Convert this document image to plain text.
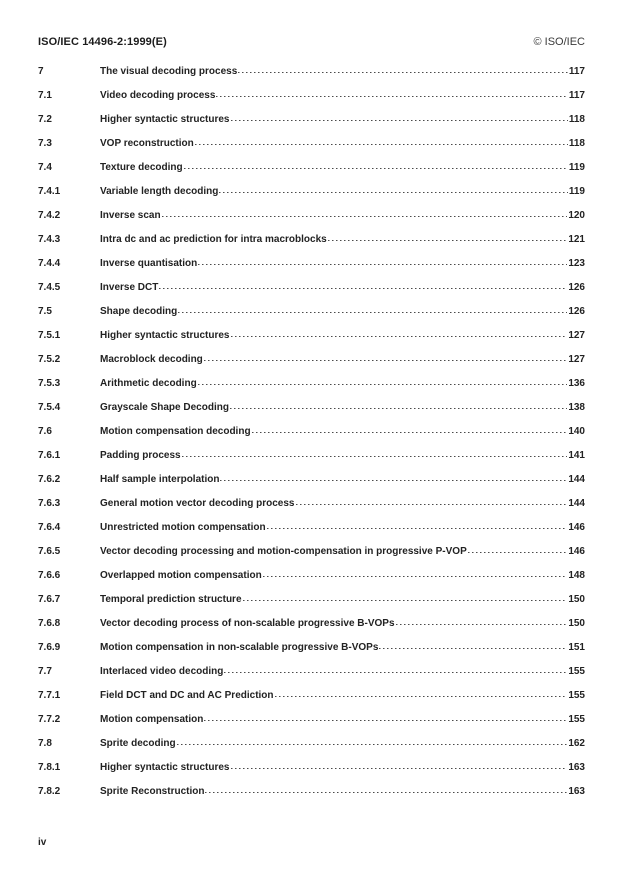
ISO/IEC 14496-2:1999(E)	© ISO/IEC
7	The visual decoding process	117
7.1	Video decoding process	117
7.2	Higher syntactic structures	118
7.3	VOP reconstruction	118
7.4	Texture decoding	119
7.4.1	Variable length decoding	119
7.4.2	Inverse scan	120
7.4.3	Intra dc and ac prediction for intra macroblocks	121
7.4.4	Inverse quantisation	123
7.4.5	Inverse DCT	126
7.5	Shape decoding	126
7.5.1	Higher syntactic structures	127
7.5.2	Macroblock decoding	127
7.5.3	Arithmetic decoding	136
7.5.4	Grayscale Shape Decoding	138
7.6	Motion compensation decoding	140
7.6.1	Padding process	141
7.6.2	Half sample interpolation	144
7.6.3	General motion vector decoding process	144
7.6.4	Unrestricted motion compensation	146
7.6.5	Vector decoding processing and motion-compensation in progressive P-VOP	146
7.6.6	Overlapped motion compensation	148
7.6.7	Temporal prediction structure	150
7.6.8	Vector decoding process of non-scalable progressive B-VOPs	150
7.6.9	Motion compensation in non-scalable progressive B-VOPs	151
7.7	Interlaced video decoding	155
7.7.1	Field DCT and DC and AC Prediction	155
7.7.2	Motion compensation	155
7.8	Sprite decoding	162
7.8.1	Higher syntactic structures	163
7.8.2	Sprite Reconstruction	163
iv
